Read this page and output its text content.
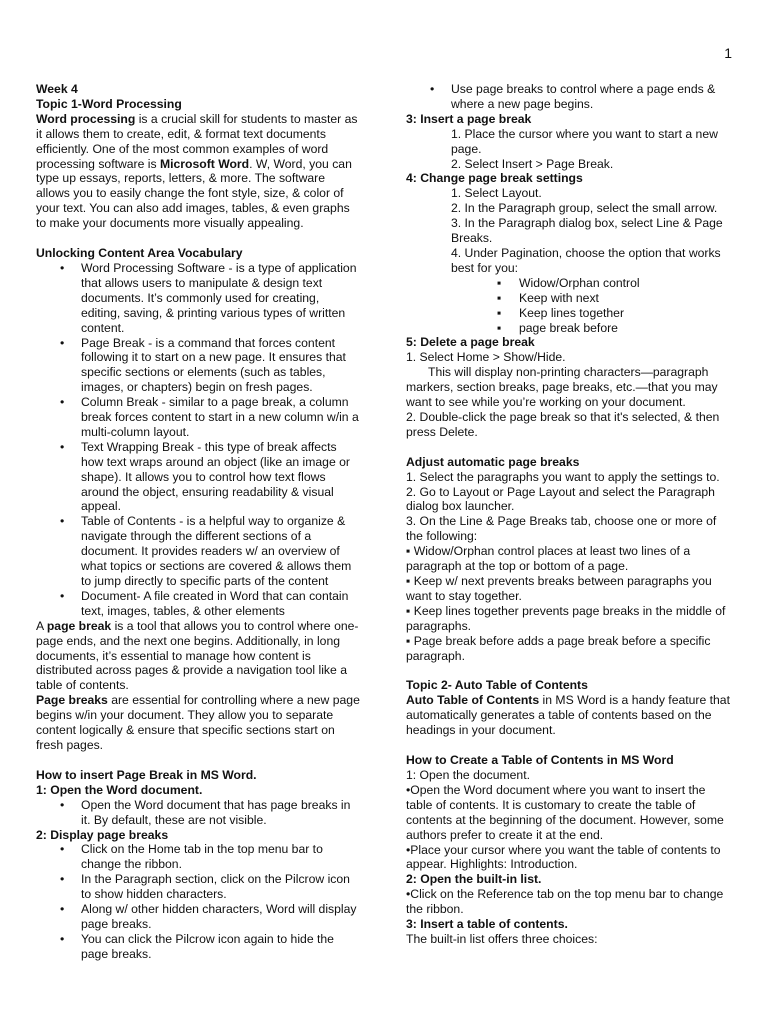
1

Week 4

Topic 1-Word Processing

Word processing is a crucial skill for students to master as it allows them to create, edit, & format text documents efficiently. One of the most common examples of word processing software is Microsoft Word. W, Word, you can type up essays, reports, letters, & more. The software allows you to easily change the font style, size, & color of your text. You can also add images, tables, & even graphs to make your documents more visually appealing.

Unlocking Content Area Vocabulary

• Word Processing Software - is a type of application that allows users to manipulate & design text documents. It’s commonly used for creating, editing, saving, & printing various types of written content.
• Page Break - is a command that forces content following it to start on a new page. It ensures that specific sections or elements (such as tables, images, or chapters) begin on fresh pages.
• Column Break - similar to a page break, a column break forces content to start in a new column w/in a multi-column layout.
• Text Wrapping Break - this type of break affects how text wraps around an object (like an image or shape). It allows you to control how text flows around the object, ensuring readability & visual appeal.
• Table of Contents - is a helpful way to organize & navigate through the different sections of a document. It provides readers w/ an overview of what topics or sections are covered & allows them to jump directly to specific parts of the content
• Document- A file created in Word that can contain text, images, tables, & other elements

A page break is a tool that allows you to control where one-page ends, and the next one begins. Additionally, in long documents, it’s essential to manage how content is distributed across pages & provide a navigation tool like a table of contents.

Page breaks are essential for controlling where a new page begins w/in your document. They allow you to separate content logically & ensure that specific sections start on fresh pages.

How to insert Page Break in MS Word.

1: Open the Word document.

• Open the Word document that has page breaks in it. By default, these are not visible.

2: Display page breaks

• Click on the Home tab in the top menu bar to change the ribbon.
• In the Paragraph section, click on the Pilcrow icon to show hidden characters.
• Along w/ other hidden characters, Word will display page breaks.
• You can click the Pilcrow icon again to hide the page breaks.
• Use page breaks to control where a page ends & where a new page begins.

3: Insert a page break

1. Place the cursor where you want to start a new page.

2. Select Insert > Page Break.

4: Change page break settings

1. Select Layout.

2. In the Paragraph group, select the small arrow.

3. In the Paragraph dialog box, select Line & Page Breaks.

4. Under Pagination, choose the option that works best for you:

▪ Widow/Orphan control
▪ Keep with next
▪ Keep lines together
▪ page break before

5: Delete a page break

1. Select Home > Show/Hide.

This will display non-printing characters—paragraph markers, section breaks, page breaks, etc.—that you may want to see while you’re working on your document.

2. Double-click the page break so that it's selected, & then press Delete.

Adjust automatic page breaks

1. Select the paragraphs you want to apply the settings to.

2. Go to Layout or Page Layout and select the Paragraph dialog box launcher.

3. On the Line & Page Breaks tab, choose one or more of the following:

▪ Widow/Orphan control places at least two lines of a paragraph at the top or bottom of a page.

▪ Keep w/ next prevents breaks between paragraphs you want to stay together.

▪ Keep lines together prevents page breaks in the middle of paragraphs.

▪ Page break before adds a page break before a specific paragraph.

Topic 2- Auto Table of Contents

Auto Table of Contents in MS Word is a handy feature that automatically generates a table of contents based on the headings in your document.

How to Create a Table of Contents in MS Word

1: Open the document.

•Open the Word document where you want to insert the table of contents. It is customary to create the table of contents at the beginning of the document. However, some authors prefer to create it at the end.

•Place your cursor where you want the table of contents to appear. Highlights: Introduction.

2: Open the built-in list.

•Click on the Reference tab on the top menu bar to change the ribbon.

3: Insert a table of contents.

The built-in list offers three choices:
